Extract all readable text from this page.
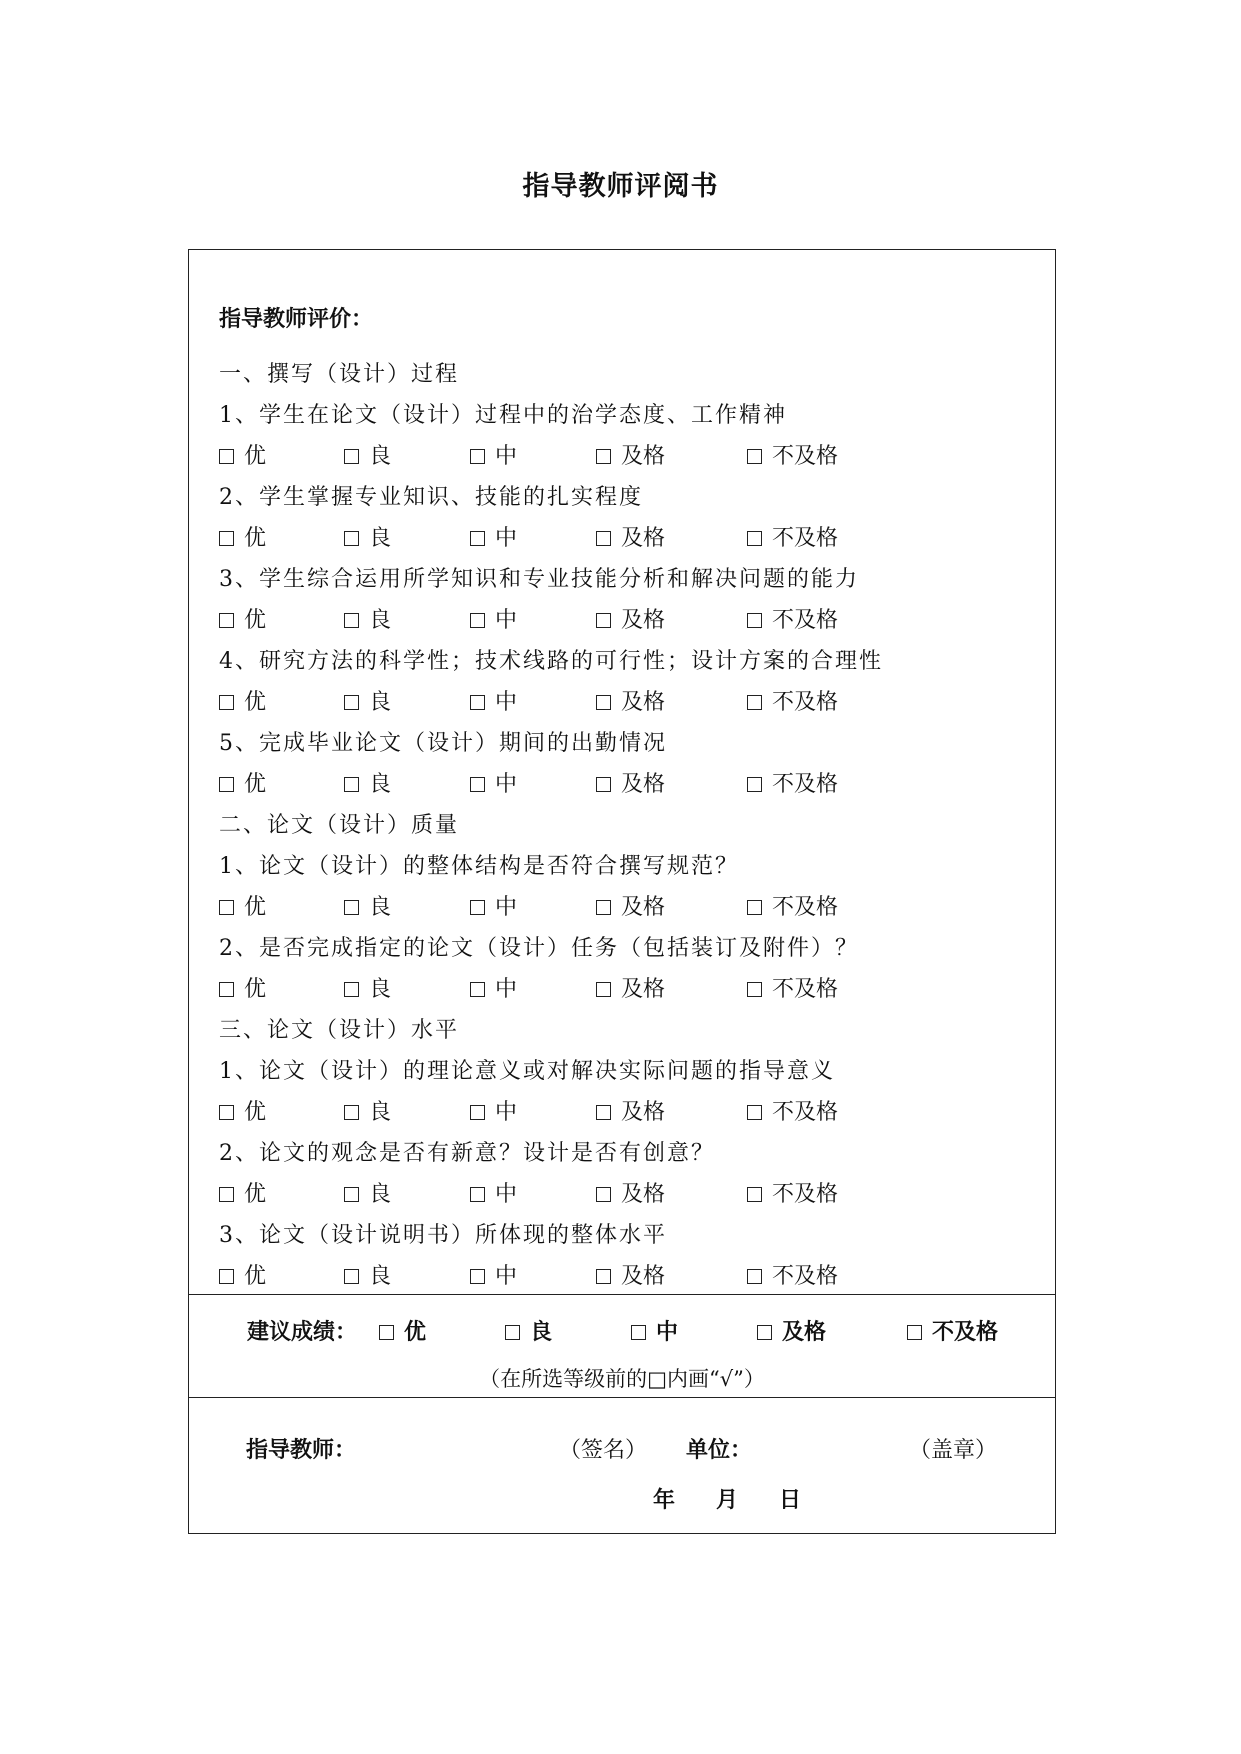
指导教师评阅书
指导教师评价：
一、撰写（设计）过程
1、学生在论文（设计）过程中的治学态度、工作精神
优	良	中	及格	不及格
2、学生掌握专业知识、技能的扎实程度
优	良	中	及格	不及格
3、学生综合运用所学知识和专业技能分析和解决问题的能力
优	良	中	及格	不及格
4、研究方法的科学性；技术线路的可行性；设计方案的合理性
优	良	中	及格	不及格
5、完成毕业论文（设计）期间的出勤情况
优	良	中	及格	不及格
二、论文（设计）质量
1、论文（设计）的整体结构是否符合撰写规范？
优	良	中	及格	不及格
2、是否完成指定的论文（设计）任务（包括装订及附件）？
优	良	中	及格	不及格
三、论文（设计）水平
1、论文（设计）的理论意义或对解决实际问题的指导意义
优	良	中	及格	不及格
2、论文的观念是否有新意？设计是否有创意？
优	良	中	及格	不及格
3、论文（设计说明书）所体现的整体水平
优	良	中	及格	不及格
建议成绩：	优	良	中	及格	不及格
（在所选等级前的□内画“√”）
指导教师：	（签名） 单位：	（盖章）
年 月 日
